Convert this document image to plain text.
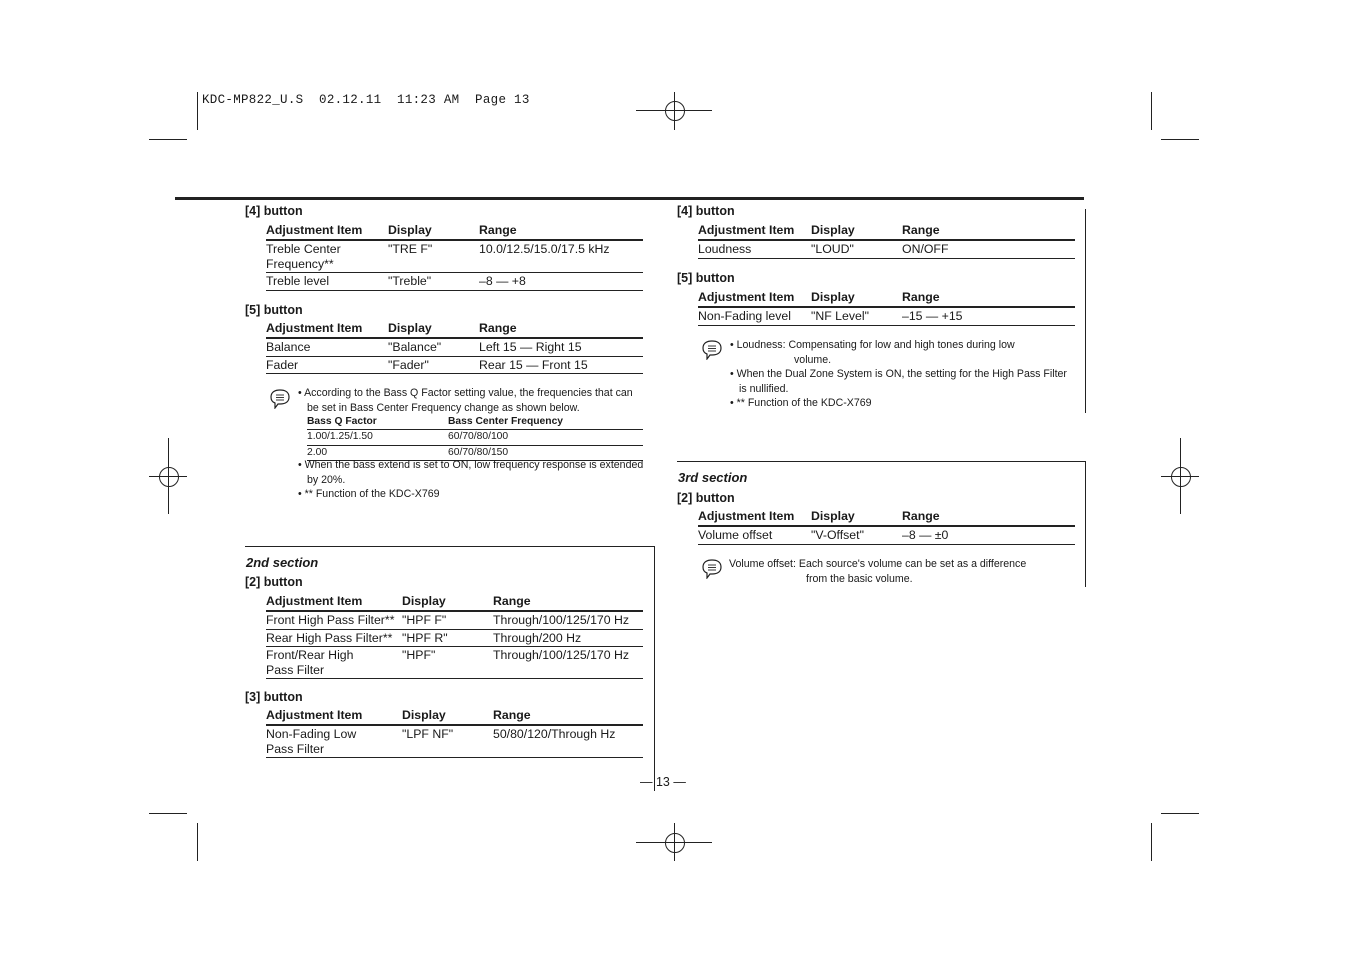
KDC-MP822_U.S  02.12.11  11:23 AM  Page 13
[4] button
Adjustment Item	Display	Range
Treble Center Frequency**	"TRE F"	10.0/12.5/15.0/17.5 kHz
Treble level	"Treble"	–8 — +8
[5] button
Adjustment Item	Display	Range
Balance	"Balance"	Left 15 — Right 15
Fader	"Fader"	Rear 15 — Front 15
• According to the Bass Q Factor setting value, the frequencies that can be set in Bass Center Frequency change as shown below.
Bass Q Factor	Bass Center Frequency
1.00/1.25/1.50	60/70/80/100
2.00	60/70/80/150
• When the bass extend is set to ON, low frequency response is extended by 20%.
• ** Function of the KDC-X769
2nd section
[2] button
Adjustment Item	Display	Range
Front High Pass Filter**	"HPF F"	Through/100/125/170 Hz
Rear High Pass Filter**	"HPF R"	Through/200 Hz
Front/Rear High Pass Filter	"HPF"	Through/100/125/170 Hz
[3] button
Adjustment Item	Display	Range
Non-Fading Low Pass Filter	"LPF NF"	50/80/120/Through Hz
[4] button
Adjustment Item	Display	Range
Loudness	"LOUD"	ON/OFF
[5] button
Adjustment Item	Display	Range
Non-Fading level	"NF Level"	–15 — +15
• Loudness: Compensating for low and high tones during low
volume.
• When the Dual Zone System is ON, the setting for the High Pass Filter is nullified.
• ** Function of the KDC-X769
3rd section
[2] button
Adjustment Item	Display	Range
Volume offset	"V-Offset"	–8 — ±0
Volume offset: Each source's volume can be set as a difference
from the basic volume.
— 13 —
